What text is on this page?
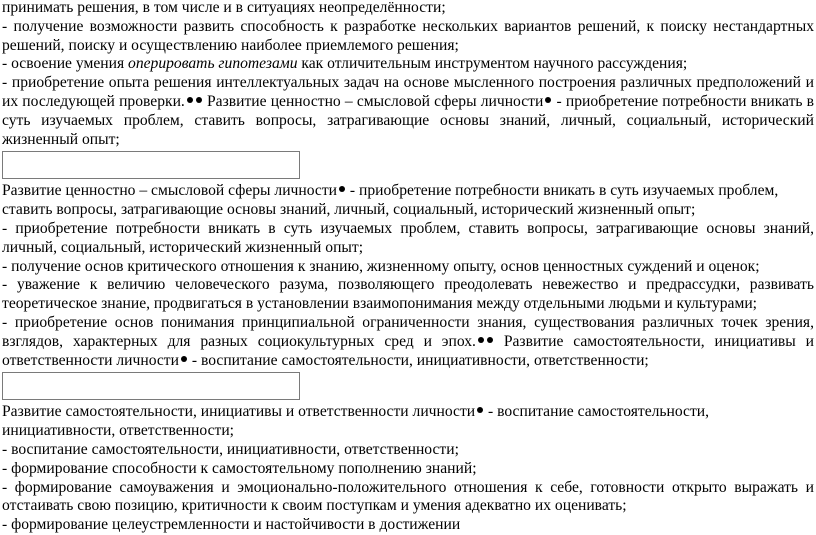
принимать решения, в том числе и в ситуациях неопределённости;

- получение возможности развить способность к разработке нескольких вариантов решений, к поиску нестандартных решений, поиску и осуществлению наиболее приемлемого решения;

- освоение умения оперировать гипотезами как отличительным инструментом научного рассуждения;

- приобретение опыта решения интеллектуальных задач на основе мысленного построения различных предположений и их последующей проверки. Развитие ценностно – смысловой сферы личности - приобретение потребности вникать в суть изучаемых проблем, ставить вопросы, затрагивающие основы знаний, личный, социальный, исторический жизненный опыт;

Развитие ценностно – смысловой сферы личности - приобретение потребности вникать в суть изучаемых проблем, ставить вопросы, затрагивающие основы знаний, личный, социальный, исторический жизненный опыт;

- приобретение потребности вникать в суть изучаемых проблем, ставить вопросы, затрагивающие основы знаний, личный, социальный, исторический жизненный опыт;

- получение основ критического отношения к знанию, жизненному опыту, основ ценностных суждений и оценок;

- уважение к величию человеческого разума, позволяющего преодолевать невежество и предрассудки, развивать теоретическое знание, продвигаться в установлении взаимопонимания между отдельными людьми и культурами;

- приобретение основ понимания принципиальной ограниченности знания, существования различных точек зрения, взглядов, характерных для разных социокультурных сред и эпох. Развитие самостоятельности, инициативы и ответственности личности - воспитание самостоятельности, инициативности, ответственности;

Развитие самостоятельности, инициативы и ответственности личности - воспитание самостоятельности, инициативности, ответственности;

- воспитание самостоятельности, инициативности, ответственности;

- формирование способности к самостоятельному пополнению знаний;

- формирование самоуважения и эмоционально-положительного отношения к себе, готовности открыто выражать и отстаивать свою позицию, критичности к своим поступкам и умения адекватно их оценивать;

- формирование целеустремленности и настойчивости в достижении
